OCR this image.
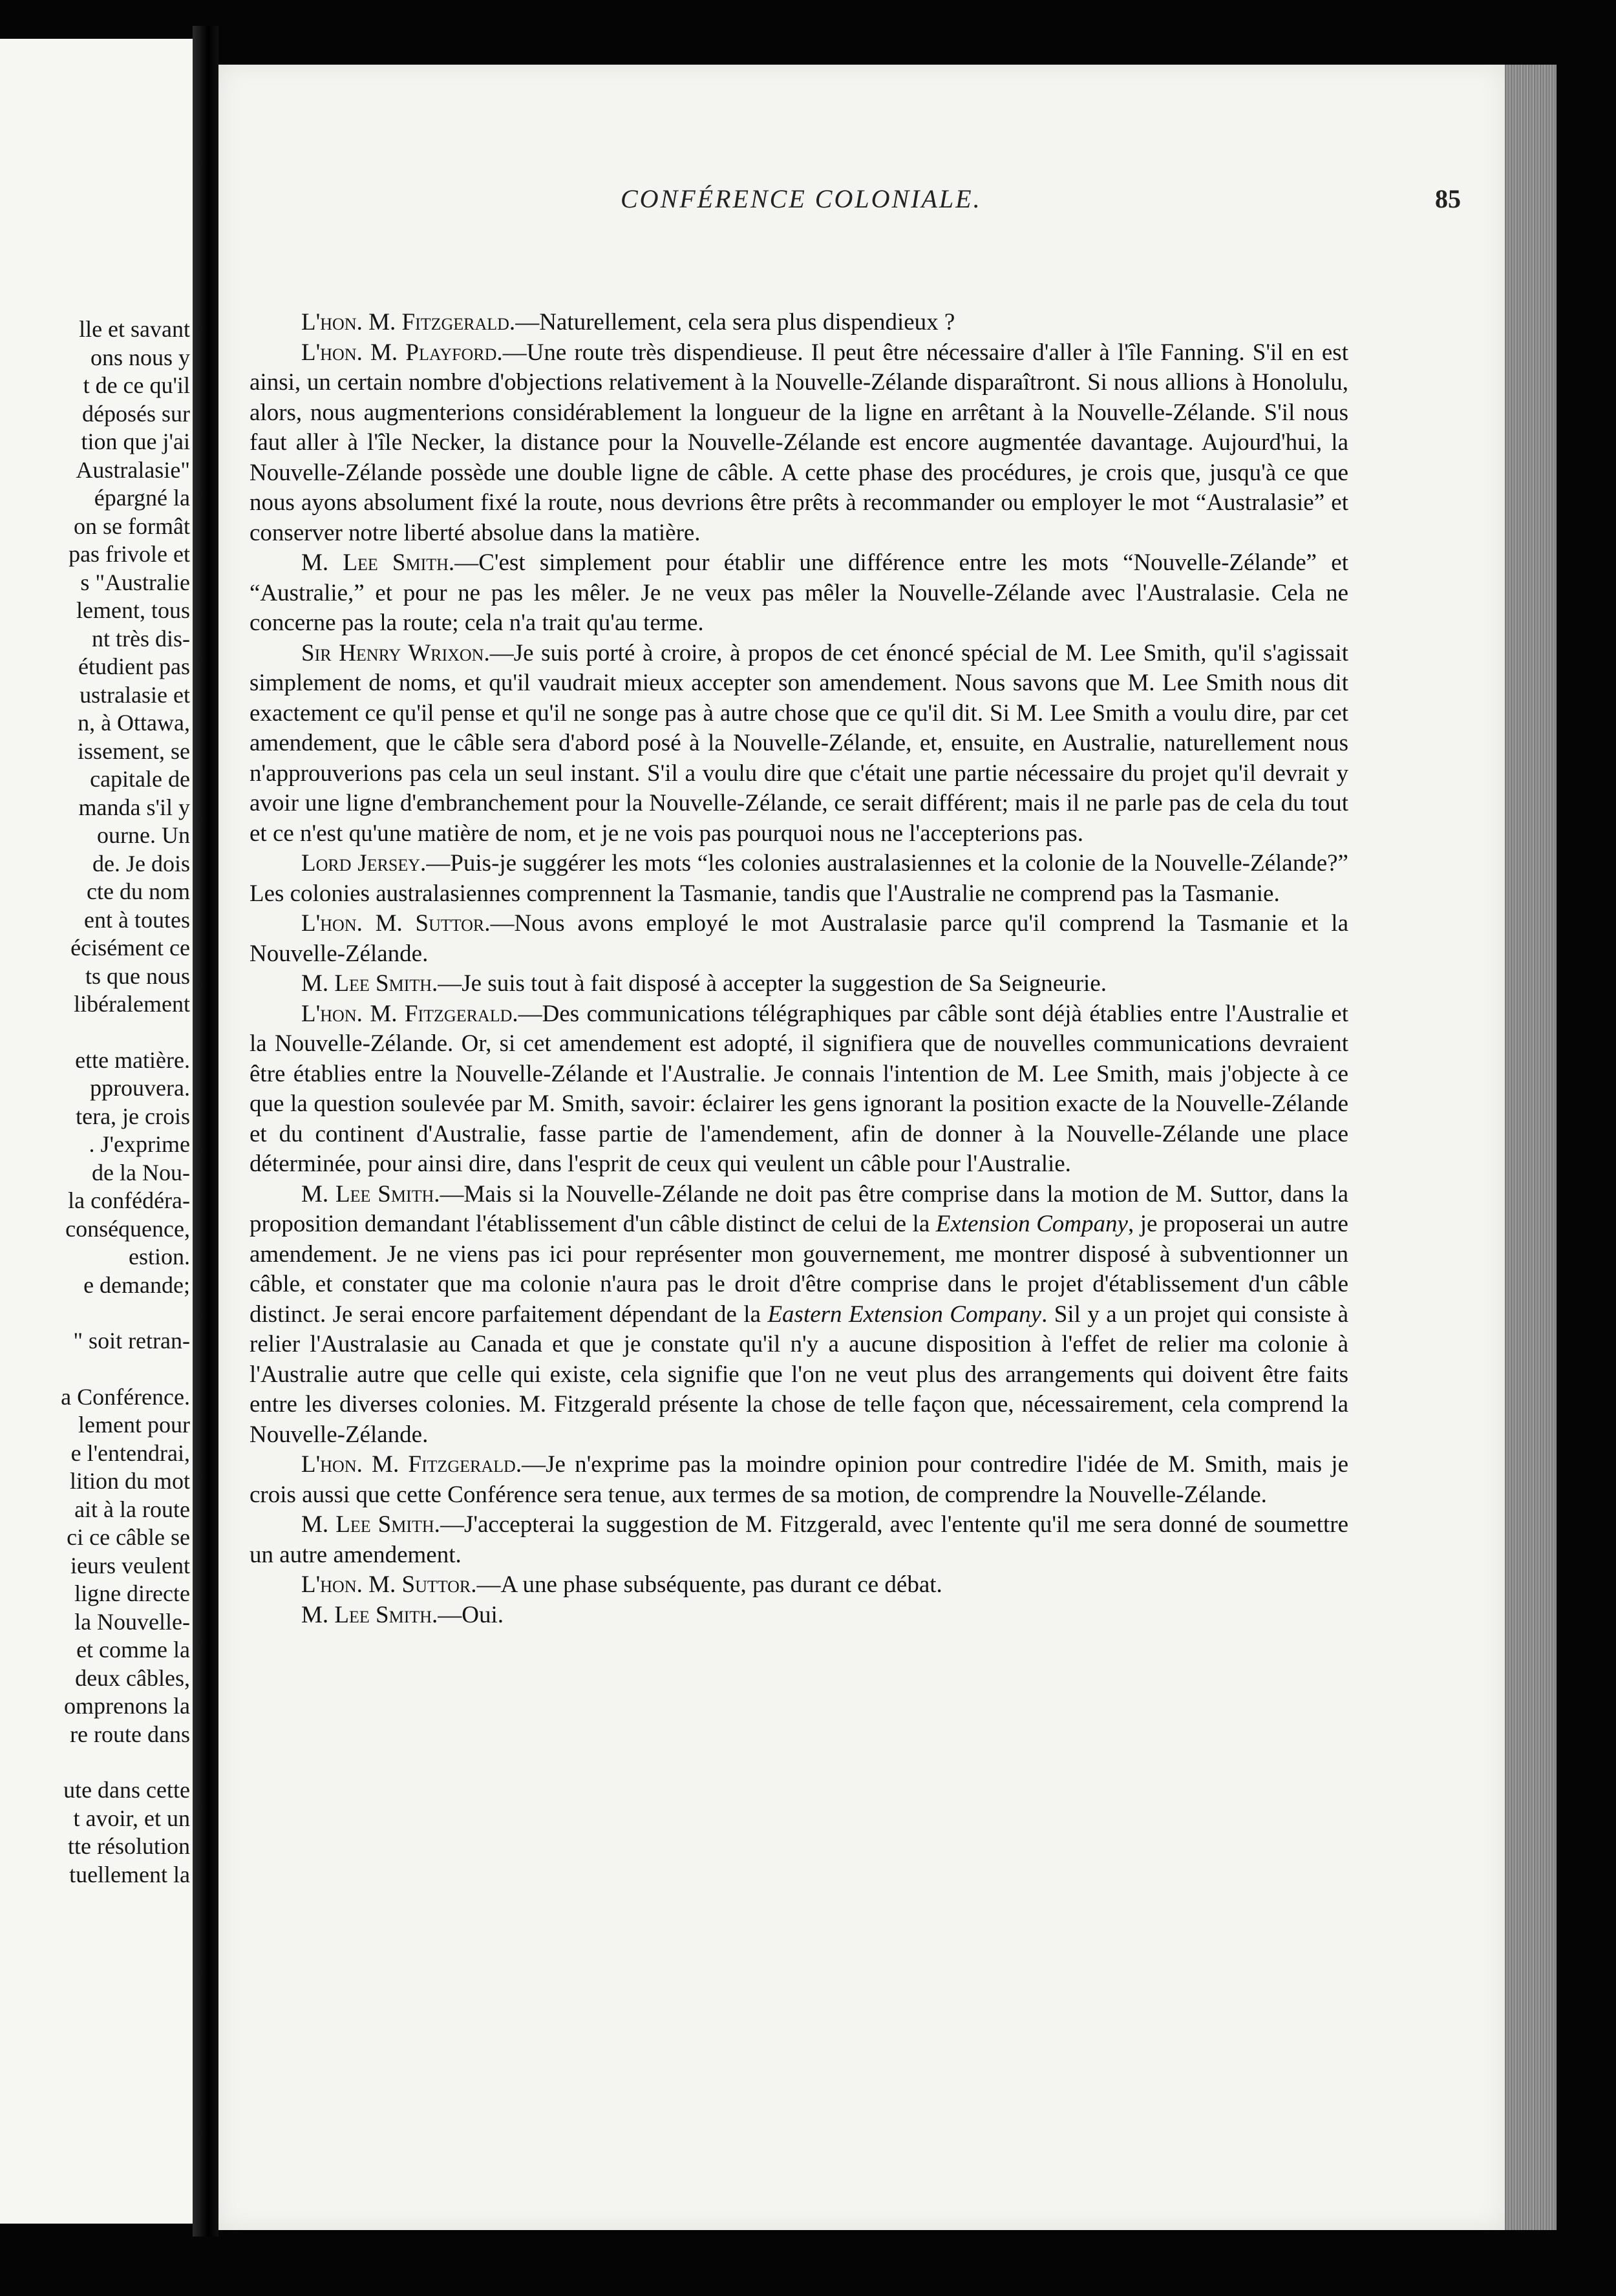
lle et savant
ons nous y
t de ce qu'il
déposés sur
tion que j'ai
Australasie"
épargné la
on se formât
pas frivole et
s "Australie
lement, tous
nt très dis-
étudient pas
ustralasie et
n, à Ottawa,
issement, se
capitale de
manda s'il y
ourne. Un
de. Je dois
cte du nom
ent à toutes
écisément ce
ts que nous
libéralement
ette matière.
pprouvera.
tera, je crois
. J'exprime
de la Nou-
la confédéra-
conséquence,
estion.
e demande;
" soit retran-
a Conférence.
lement pour
e l'entendrai,
lition du mot
ait à la route
ci ce câble se
ieurs veulent
ligne directe
la Nouvelle-
et comme la
deux câbles,
omprenons la
re route dans
ute dans cette
t avoir, et un
tte résolution
tuellement la
CONFÉRENCE COLONIALE.	85

L'hon. M. Fitzgerald.—Naturellement, cela sera plus dispendieux ?

L'hon. M. Playford.—Une route très dispendieuse. Il peut être nécessaire d'aller à l'île Fanning. S'il en est ainsi, un certain nombre d'objections relativement à la Nouvelle-Zélande disparaîtront. Si nous allions à Honolulu, alors, nous augmenterions considérablement la longueur de la ligne en arrêtant à la Nouvelle-Zélande. S'il nous faut aller à l'île Necker, la distance pour la Nouvelle-Zélande est encore augmentée davantage. Aujourd'hui, la Nouvelle-Zélande possède une double ligne de câble. A cette phase des procédures, je crois que, jusqu'à ce que nous ayons absolument fixé la route, nous devrions être prêts à recommander ou employer le mot “Australasie” et conserver notre liberté absolue dans la matière.

M. Lee Smith.—C'est simplement pour établir une différence entre les mots “Nouvelle-Zélande” et “Australie,” et pour ne pas les mêler. Je ne veux pas mêler la Nouvelle-Zélande avec l'Australasie. Cela ne concerne pas la route; cela n'a trait qu'au terme.

Sir Henry Wrixon.—Je suis porté à croire, à propos de cet énoncé spécial de M. Lee Smith, qu'il s'agissait simplement de noms, et qu'il vaudrait mieux accepter son amendement. Nous savons que M. Lee Smith nous dit exactement ce qu'il pense et qu'il ne songe pas à autre chose que ce qu'il dit. Si M. Lee Smith a voulu dire, par cet amendement, que le câble sera d'abord posé à la Nouvelle-Zélande, et, ensuite, en Australie, naturellement nous n'approuverions pas cela un seul instant. S'il a voulu dire que c'était une partie nécessaire du projet qu'il devrait y avoir une ligne d'embranchement pour la Nouvelle-Zélande, ce serait différent; mais il ne parle pas de cela du tout et ce n'est qu'une matière de nom, et je ne vois pas pourquoi nous ne l'accepterions pas.

Lord Jersey.—Puis-je suggérer les mots “les colonies australasiennes et la colonie de la Nouvelle-Zélande?” Les colonies australasiennes comprennent la Tasmanie, tandis que l'Australie ne comprend pas la Tasmanie.

L'hon. M. Suttor.—Nous avons employé le mot Australasie parce qu'il comprend la Tasmanie et la Nouvelle-Zélande.

M. Lee Smith.—Je suis tout à fait disposé à accepter la suggestion de Sa Seigneurie.

L'hon. M. Fitzgerald.—Des communications télégraphiques par câble sont déjà établies entre l'Australie et la Nouvelle-Zélande. Or, si cet amendement est adopté, il signifiera que de nouvelles communications devraient être établies entre la Nouvelle-Zélande et l'Australie. Je connais l'intention de M. Lee Smith, mais j'objecte à ce que la question soulevée par M. Smith, savoir: éclairer les gens ignorant la position exacte de la Nouvelle-Zélande et du continent d'Australie, fasse partie de l'amendement, afin de donner à la Nouvelle-Zélande une place déterminée, pour ainsi dire, dans l'esprit de ceux qui veulent un câble pour l'Australie.

M. Lee Smith.—Mais si la Nouvelle-Zélande ne doit pas être comprise dans la motion de M. Suttor, dans la proposition demandant l'établissement d'un câble distinct de celui de la Extension Company, je proposerai un autre amendement. Je ne viens pas ici pour représenter mon gouvernement, me montrer disposé à subventionner un câble, et constater que ma colonie n'aura pas le droit d'être comprise dans le projet d'établissement d'un câble distinct. Je serai encore parfaitement dépendant de la Eastern Extension Company. Sil y a un projet qui consiste à relier l'Australasie au Canada et que je constate qu'il n'y a aucune disposition à l'effet de relier ma colonie à l'Australie autre que celle qui existe, cela signifie que l'on ne veut plus des arrangements qui doivent être faits entre les diverses colonies. M. Fitzgerald présente la chose de telle façon que, nécessairement, cela comprend la Nouvelle-Zélande.

L'hon. M. Fitzgerald.—Je n'exprime pas la moindre opinion pour contredire l'idée de M. Smith, mais je crois aussi que cette Conférence sera tenue, aux termes de sa motion, de comprendre la Nouvelle-Zélande.

M. Lee Smith.—J'accepterai la suggestion de M. Fitzgerald, avec l'entente qu'il me sera donné de soumettre un autre amendement.

L'hon. M. Suttor.—A une phase subséquente, pas durant ce débat.

M. Lee Smith.—Oui.
